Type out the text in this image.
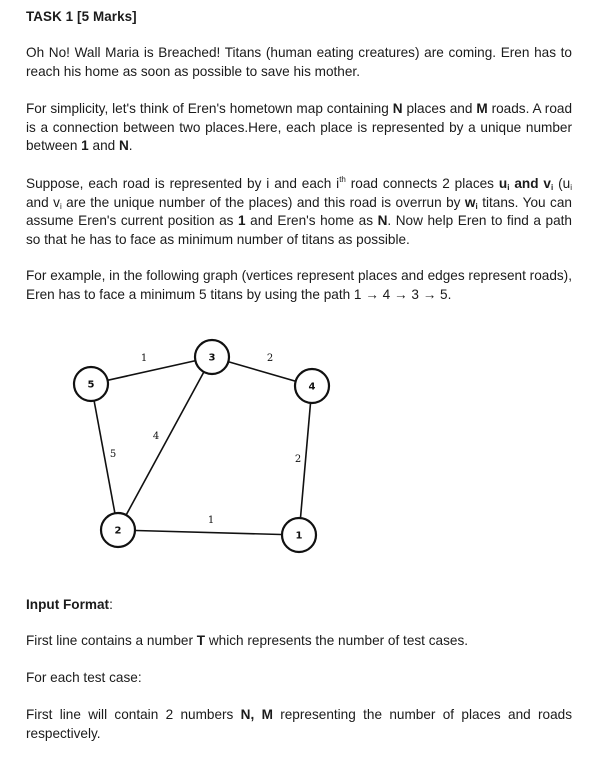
TASK 1 [5 Marks]

Oh No! Wall Maria is Breached! Titans (human eating creatures) are coming. Eren has to reach his home as soon as possible to save his mother.

For simplicity, let's think of Eren's hometown map containing N places and M roads. A road is a connection between two places.Here, each place is represented by a unique number between 1 and N.

Suppose, each road is represented by i and each $i^{th}$ road connects 2 places $u_i$ and $v_i$ ($u_i$ and $v_i$ are the unique number of the places) and this road is overrun by $w_i$ titans. You can assume Eren's current position as 1 and Eren's home as N. Now help Eren to find a path so that he has to face as minimum number of titans as possible.

For example, in the following graph (vertices represent places and edges represent roads), Eren has to face a minimum 5 titans by using the path 1 → 4 → 3 → 5.

Input Format:

First line contains a number T which represents the number of test cases.

For each test case:

First line will contain 2 numbers N, M representing the number of places and roads respectively.

1	2
4
5	2
1
5
3
4
2	1
